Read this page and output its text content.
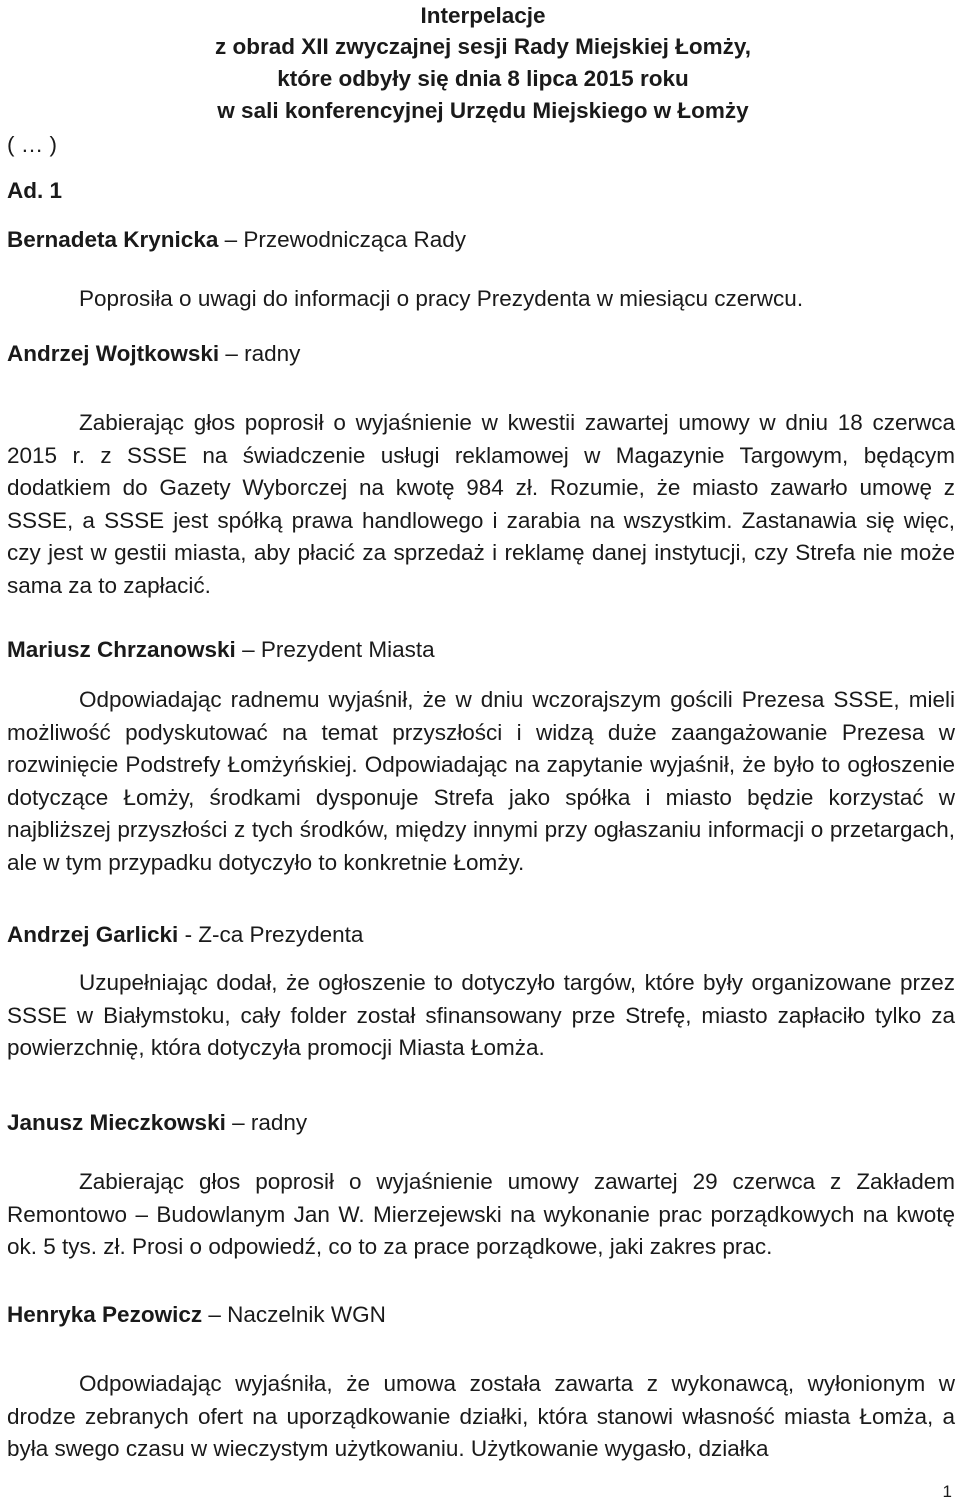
Interpelacje
z obrad XII zwyczajnej sesji Rady Miejskiej Łomży,
które odbyły się dnia 8 lipca 2015 roku
w sali konferencyjnej Urzędu Miejskiego w Łomży
( … )
Ad. 1
Bernadeta Krynicka – Przewodnicząca Rady
Poprosiła o uwagi do informacji o pracy Prezydenta w miesiącu czerwcu.
Andrzej Wojtkowski – radny
Zabierając głos poprosił o wyjaśnienie w kwestii zawartej umowy w dniu 18 czerwca 2015 r. z SSSE na świadczenie usługi reklamowej w Magazynie Targowym, będącym dodatkiem do Gazety Wyborczej na kwotę 984 zł. Rozumie, że miasto zawarło umowę z SSSE, a SSSE jest spółką prawa handlowego i zarabia na wszystkim. Zastanawia się więc, czy jest w gestii miasta, aby płacić za sprzedaż i reklamę danej instytucji, czy Strefa nie może sama za to zapłacić.
Mariusz Chrzanowski – Prezydent Miasta
Odpowiadając radnemu wyjaśnił, że w dniu wczorajszym gościli Prezesa SSSE, mieli możliwość podyskutować na temat przyszłości i widzą duże zaangażowanie Prezesa w rozwinięcie Podstrefy Łomżyńskiej. Odpowiadając na zapytanie wyjaśnił, że było to ogłoszenie dotyczące Łomży, środkami dysponuje Strefa jako spółka i miasto będzie korzystać w najbliższej przyszłości z tych środków, między innymi przy ogłaszaniu informacji o przetargach, ale w tym przypadku dotyczyło to konkretnie Łomży.
Andrzej Garlicki - Z-ca Prezydenta
Uzupełniając dodał, że ogłoszenie to dotyczyło targów, które były organizowane przez SSSE w Białymstoku, cały folder został sfinansowany prze Strefę, miasto zapłaciło tylko za powierzchnię, która dotyczyła promocji Miasta Łomża.
Janusz Mieczkowski – radny
Zabierając głos poprosił o wyjaśnienie umowy zawartej 29 czerwca z Zakładem Remontowo – Budowlanym Jan W. Mierzejewski na wykonanie prac porządkowych na kwotę ok. 5 tys. zł. Prosi o odpowiedź, co to za prace porządkowe, jaki zakres prac.
Henryka Pezowicz – Naczelnik WGN
Odpowiadając wyjaśniła, że umowa została zawarta z wykonawcą, wyłonionym w drodze zebranych ofert na uporządkowanie działki, która stanowi własność miasta Łomża, a była swego czasu w wieczystym użytkowaniu. Użytkowanie wygasło, działka
1
